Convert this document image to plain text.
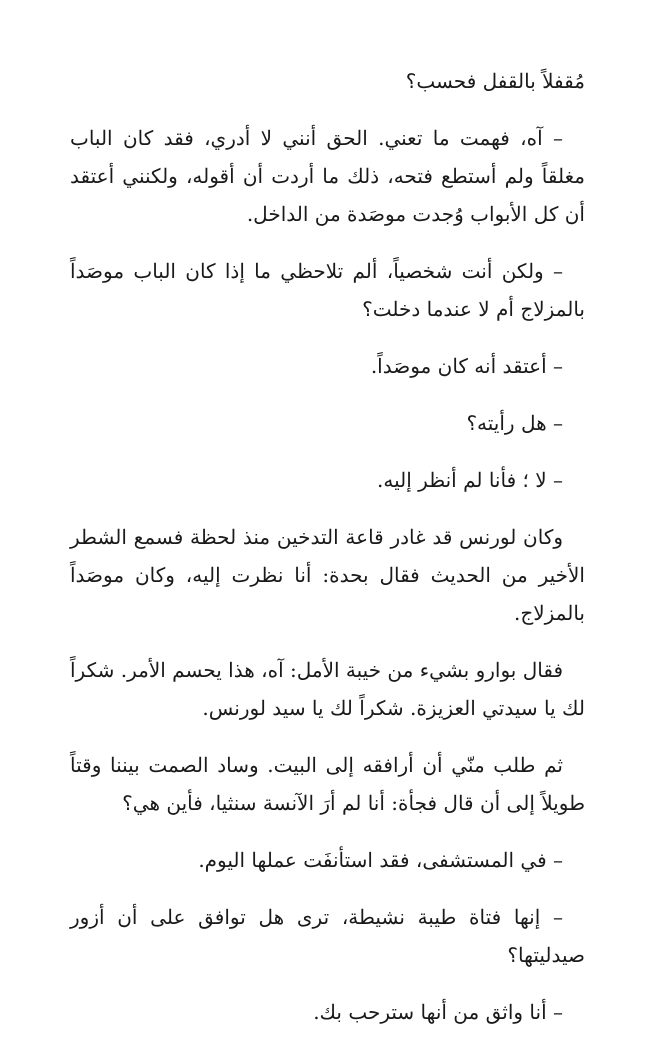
مُقفلاً بالقفل فحسب؟

– آه، فهمت ما تعني. الحق أنني لا أدري، فقد كان الباب مغلقاً ولم أستطع فتحه، ذلك ما أردت أن أقوله، ولكنني أعتقد أن كل الأبواب وُجدت موصَدة من الداخل.

– ولكن أنت شخصياً، ألم تلاحظي ما إذا كان الباب موصَداً بالمزلاج أم لا عندما دخلت؟

– أعتقد أنه كان موصَداً.

– هل رأيته؟

– لا ؛ فأنا لم أنظر إليه.

وكان لورنس قد غادر قاعة التدخين منذ لحظة فسمع الشطر الأخير من الحديث فقال بحدة: أنا نظرت إليه، وكان موصَداً بالمزلاج.

فقال بوارو بشيء من خيبة الأمل: آه، هذا يحسم الأمر. شكراً لك يا سيدتي العزيزة. شكراً لك يا سيد لورنس.

ثم طلب منّي أن أرافقه إلى البيت. وساد الصمت بيننا وقتاً طويلاً إلى أن قال فجأة: أنا لم أرَ الآنسة سنثيا، فأين هي؟

– في المستشفى، فقد استأنفَت عملها اليوم.

– إنها فتاة طيبة نشيطة، ترى هل توافق على أن أزور صيدليتها؟

– أنا واثق من أنها سترحب بك.
